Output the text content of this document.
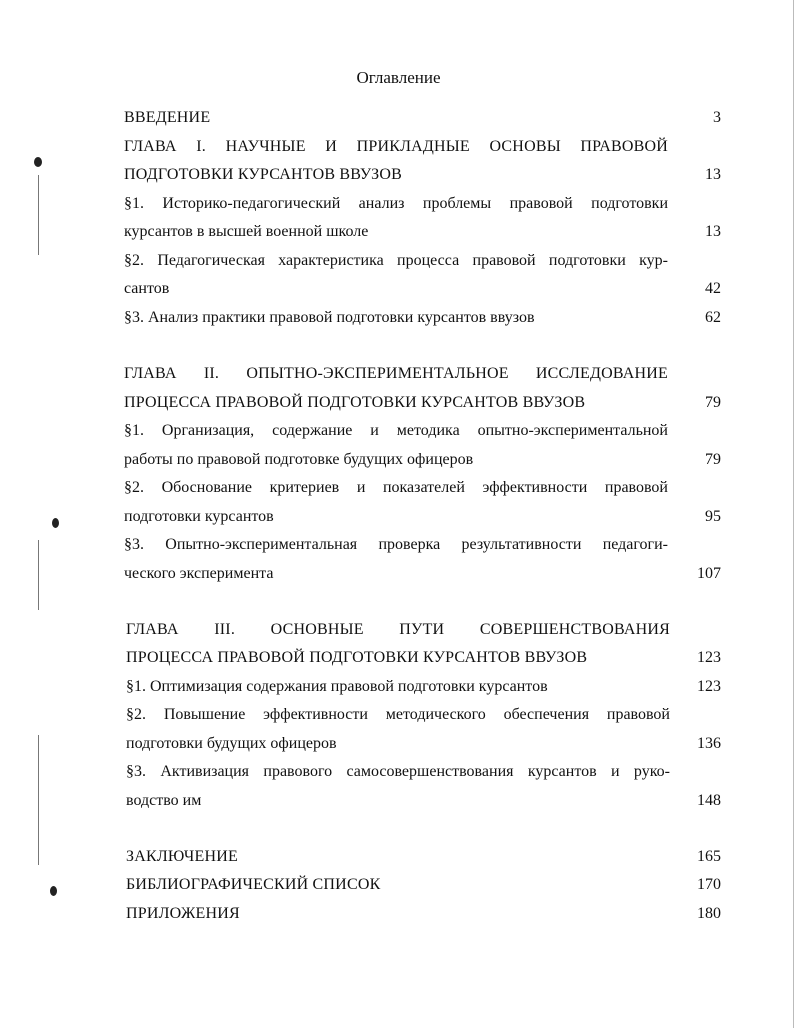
Оглавление
ВВЕДЕНИЕ	3
ГЛАВА I. НАУЧНЫЕ И ПРИКЛАДНЫЕ ОСНОВЫ ПРАВОВОЙ
ПОДГОТОВКИ КУРСАНТОВ ВВУЗОВ	13
§1. Историко-педагогический анализ проблемы правовой подготовки
курсантов в высшей военной школе	13
§2. Педагогическая характеристика процесса правовой подготовки кур-
сантов	42
§3. Анализ практики правовой подготовки курсантов ввузов	62
ГЛАВА II. ОПЫТНО-ЭКСПЕРИМЕНТАЛЬНОЕ ИССЛЕДОВАНИЕ
ПРОЦЕССА ПРАВОВОЙ ПОДГОТОВКИ КУРСАНТОВ ВВУЗОВ	79
§1. Организация, содержание и методика опытно-экспериментальной
работы по правовой подготовке будущих офицеров	79
§2. Обоснование критериев и показателей эффективности правовой
подготовки курсантов	95
§3. Опытно-экспериментальная проверка результативности педагоги-
ческого эксперимента	107
ГЛАВА III. ОСНОВНЫЕ ПУТИ СОВЕРШЕНСТВОВАНИЯ
ПРОЦЕССА ПРАВОВОЙ ПОДГОТОВКИ КУРСАНТОВ ВВУЗОВ	123
§1. Оптимизация содержания правовой подготовки курсантов	123
§2. Повышение эффективности методического обеспечения правовой
подготовки будущих офицеров	136
§3. Активизация правового самосовершенствования курсантов и руко-
водство им	148
ЗАКЛЮЧЕНИЕ	165
БИБЛИОГРАФИЧЕСКИЙ СПИСОК	170
ПРИЛОЖЕНИЯ	180
